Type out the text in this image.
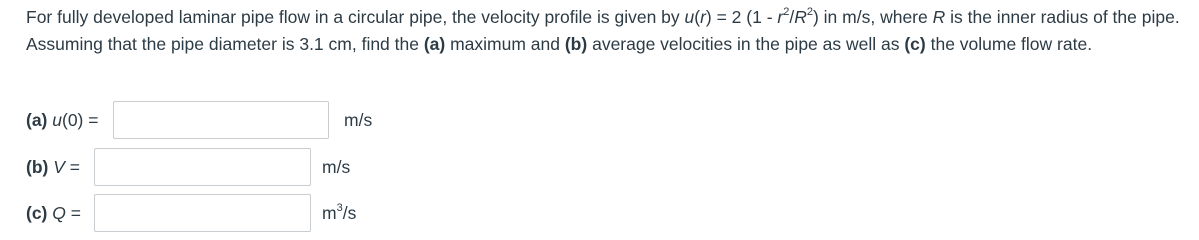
For fully developed laminar pipe flow in a circular pipe, the velocity profile is given by u(r) = 2 $(1 - r^2/R^2)$ in m/s, where R is the inner radius of the pipe. Assuming that the pipe diameter is 3.1 cm, find the (a) maximum and (b) average velocities in the pipe as well as (c) the volume flow rate.
(a) u(0) =	m/s
(b) V =	m/s
(c) Q =	$m^3/s$
